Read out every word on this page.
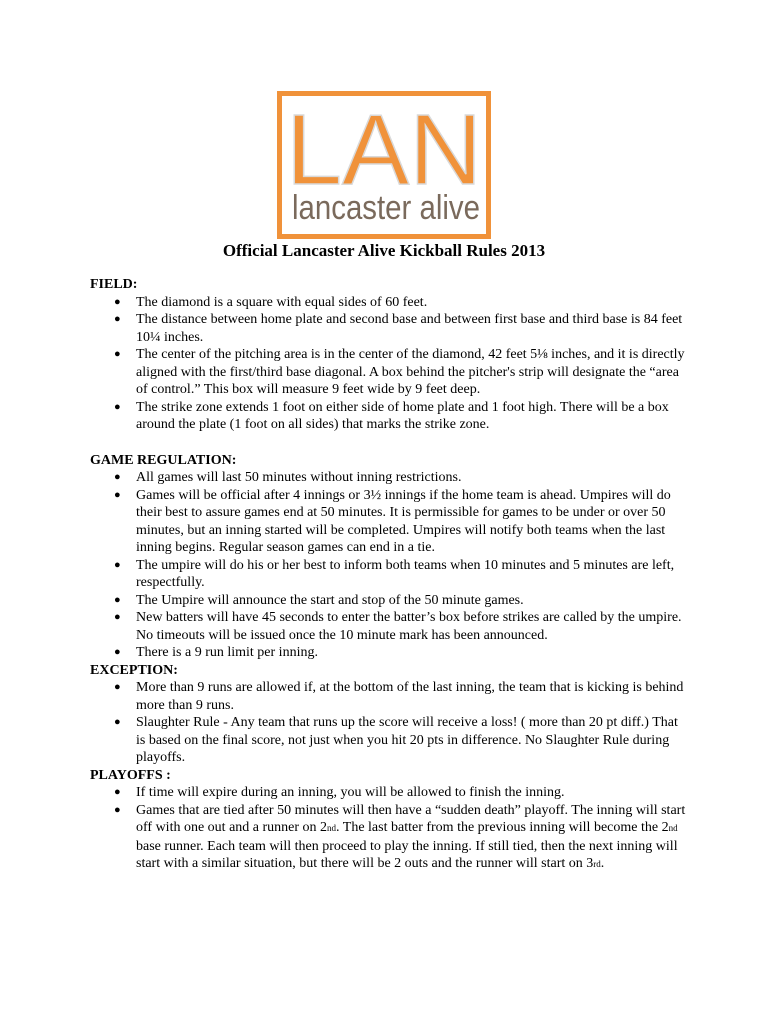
LAN
lancaster alive
Official Lancaster Alive Kickball Rules 2013

FIELD:

● The diamond is a square with equal sides of 60 feet.
● The distance between home plate and second base and between first base and third base is 84 feet 10¼ inches.
● The center of the pitching area is in the center of the diamond, 42 feet 5⅛ inches, and it is directly aligned with the first/third base diagonal. A box behind the pitcher's strip will designate the “area of control.” This box will measure 9 feet wide by 9 feet deep.
● The strike zone extends 1 foot on either side of home plate and 1 foot high. There will be a box around the plate (1 foot on all sides) that marks the strike zone.

GAME REGULATION:

● All games will last 50 minutes without inning restrictions.
● Games will be official after 4 innings or 3½ innings if the home team is ahead. Umpires will do their best to assure games end at 50 minutes. It is permissible for games to be under or over 50 minutes, but an inning started will be completed. Umpires will notify both teams when the last inning begins. Regular season games can end in a tie.
● The umpire will do his or her best to inform both teams when 10 minutes and 5 minutes are left, respectfully.
● The Umpire will announce the start and stop of the 50 minute games.
● New batters will have 45 seconds to enter the batter’s box before strikes are called by the umpire. No timeouts will be issued once the 10 minute mark has been announced.
● There is a 9 run limit per inning.

EXCEPTION:

● More than 9 runs are allowed if, at the bottom of the last inning, the team that is kicking is behind more than 9 runs.
● Slaughter Rule - Any team that runs up the score will receive a loss! ( more than 20 pt diff.) That is based on the final score, not just when you hit 20 pts in difference. No Slaughter Rule during playoffs.

PLAYOFFS :

● If time will expire during an inning, you will be allowed to finish the inning.
● Games that are tied after 50 minutes will then have a “sudden death” playoff. The inning will start off with one out and a runner on 2nd. The last batter from the previous inning will become the 2nd base runner. Each team will then proceed to play the inning. If still tied, then the next inning will start with a similar situation, but there will be 2 outs and the runner will start on 3rd.
